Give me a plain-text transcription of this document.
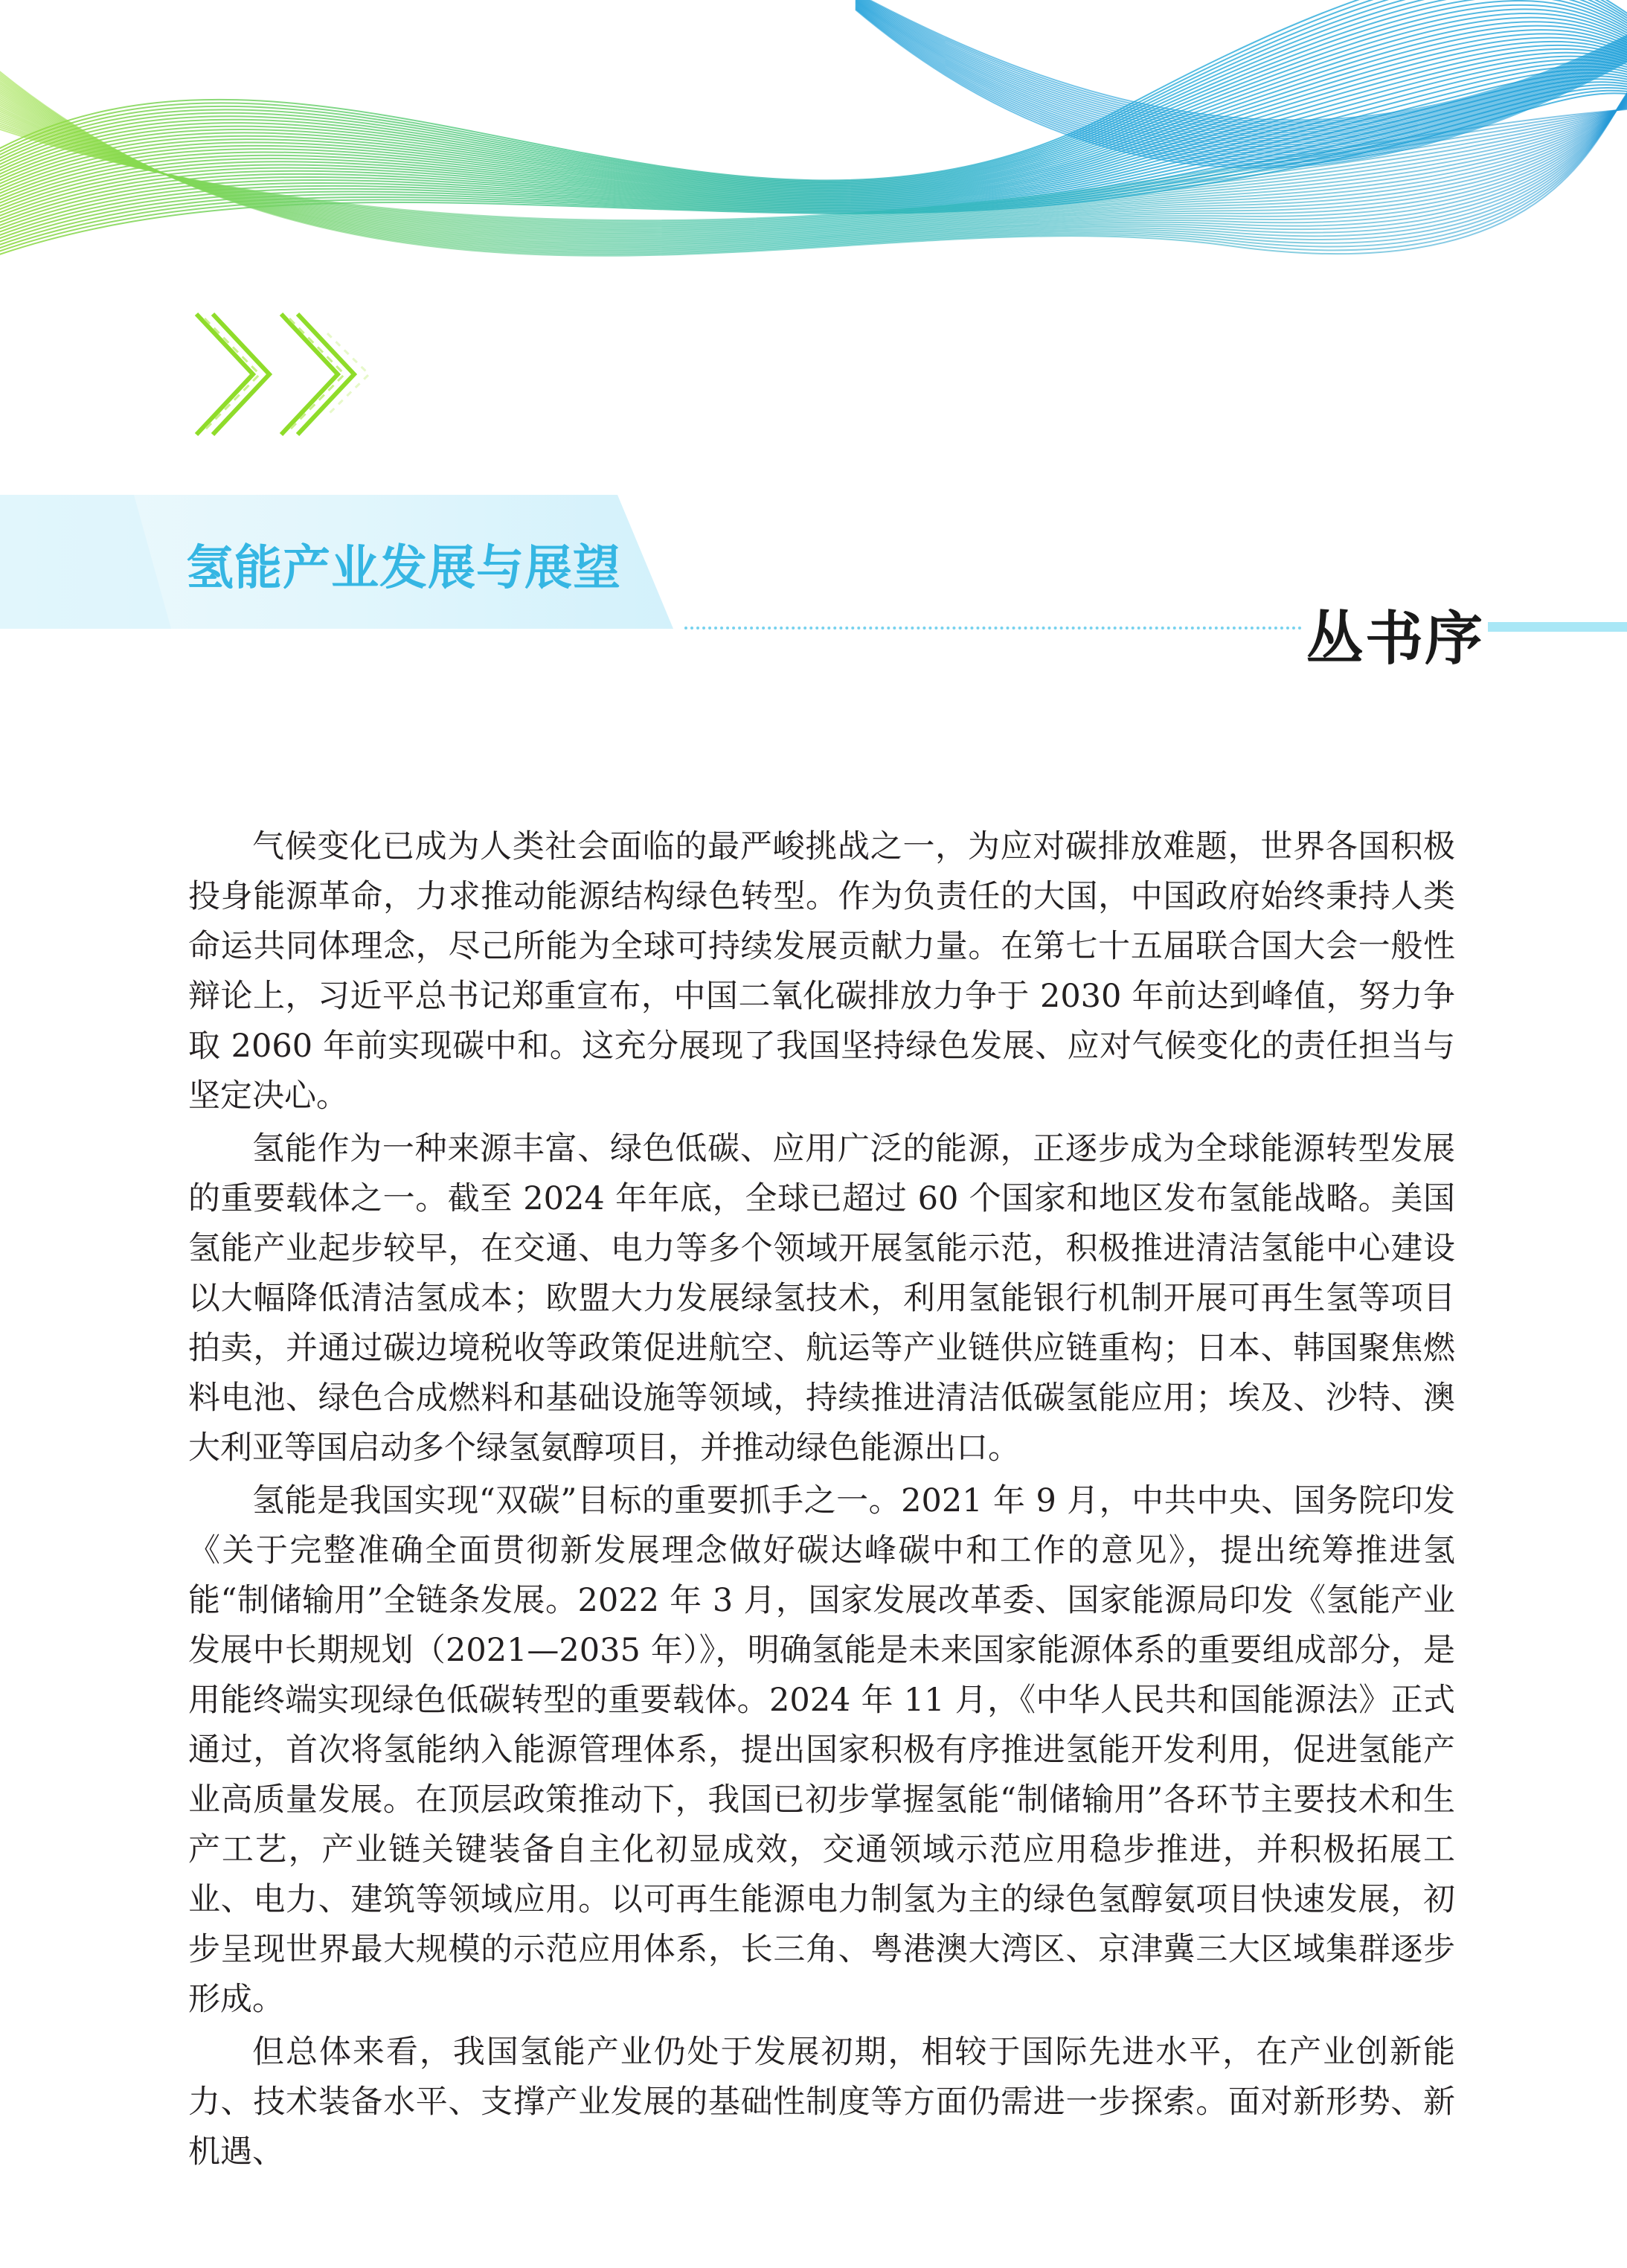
氢能产业发展与展望
丛书序

气候变化已成为人类社会面临的最严峻挑战之一，为应对碳排放难题，世界各国积极投身能源革命，力求推动能源结构绿色转型。作为负责任的大国，中国政府始终秉持人类命运共同体理念，尽己所能为全球可持续发展贡献力量。在第七十五届联合国大会一般性辩论上，习近平总书记郑重宣布，中国二氧化碳排放力争于 2030 年前达到峰值，努力争取 2060 年前实现碳中和。这充分展现了我国坚持绿色发展、应对气候变化的责任担当与坚定决心。

氢能作为一种来源丰富、绿色低碳、应用广泛的能源，正逐步成为全球能源转型发展的重要载体之一。截至 2024 年年底，全球已超过 60 个国家和地区发布氢能战略。美国氢能产业起步较早，在交通、电力等多个领域开展氢能示范，积极推进清洁氢能中心建设以大幅降低清洁氢成本；欧盟大力发展绿氢技术，利用氢能银行机制开展可再生氢等项目拍卖，并通过碳边境税收等政策促进航空、航运等产业链供应链重构；日本、韩国聚焦燃料电池、绿色合成燃料和基础设施等领域，持续推进清洁低碳氢能应用；埃及、沙特、澳大利亚等国启动多个绿氢氨醇项目，并推动绿色能源出口。

氢能是我国实现“双碳”目标的重要抓手之一。2021 年 9 月，中共中央、国务院印发《关于完整准确全面贯彻新发展理念做好碳达峰碳中和工作的意见》，提出统筹推进氢能“制储输用”全链条发展。2022 年 3 月，国家发展改革委、国家能源局印发《氢能产业发展中长期规划（2021—2035 年）》，明确氢能是未来国家能源体系的重要组成部分，是用能终端实现绿色低碳转型的重要载体。2024 年 11 月，《中华人民共和国能源法》正式通过，首次将氢能纳入能源管理体系，提出国家积极有序推进氢能开发利用，促进氢能产业高质量发展。在顶层政策推动下，我国已初步掌握氢能“制储输用”各环节主要技术和生产工艺，产业链关键装备自主化初显成效，交通领域示范应用稳步推进，并积极拓展工业、电力、建筑等领域应用。以可再生能源电力制氢为主的绿色氢醇氨项目快速发展，初步呈现世界最大规模的示范应用体系，长三角、粤港澳大湾区、京津冀三大区域集群逐步形成。

但总体来看，我国氢能产业仍处于发展初期，相较于国际先进水平，在产业创新能力、技术装备水平、支撑产业发展的基础性制度等方面仍需进一步探索。面对新形势、新机遇、
